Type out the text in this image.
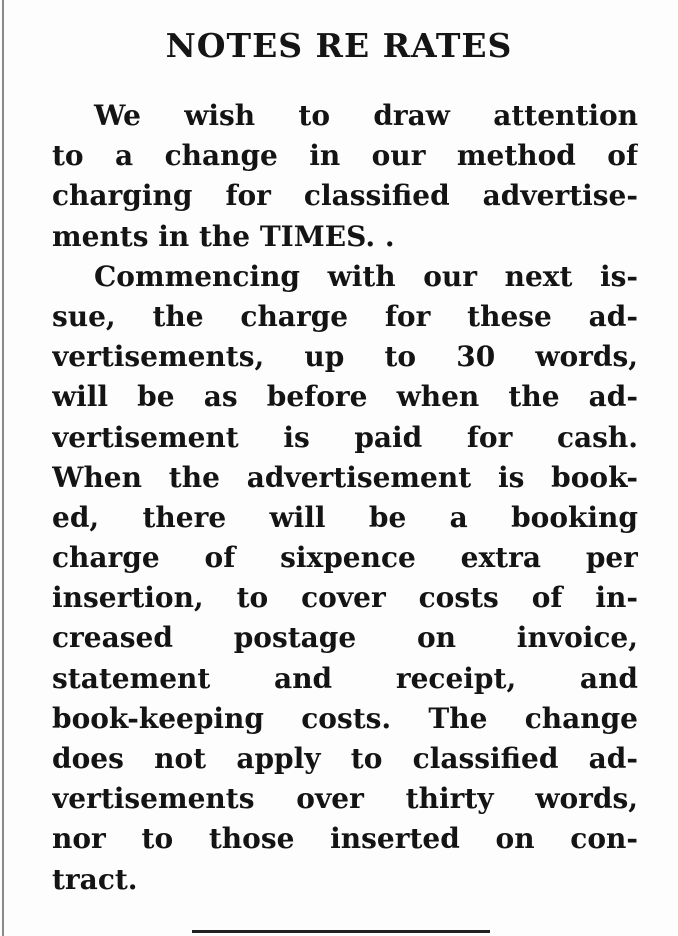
NOTES RE RATES
We wish to draw attention
to a change in our method of
charging for classified advertise-
ments in the TIMES. .
Commencing with our next is-
sue, the charge for these ad-
vertisements, up to 30 words,
will be as before when the ad-
vertisement is paid for cash.
When the advertisement is book-
ed, there will be a booking
charge of sixpence extra per
insertion, to cover costs of in-
creased postage on invoice,
statement and receipt, and
book-keeping costs. The change
does not apply to classified ad-
vertisements over thirty words,
nor to those inserted on con-
tract.
